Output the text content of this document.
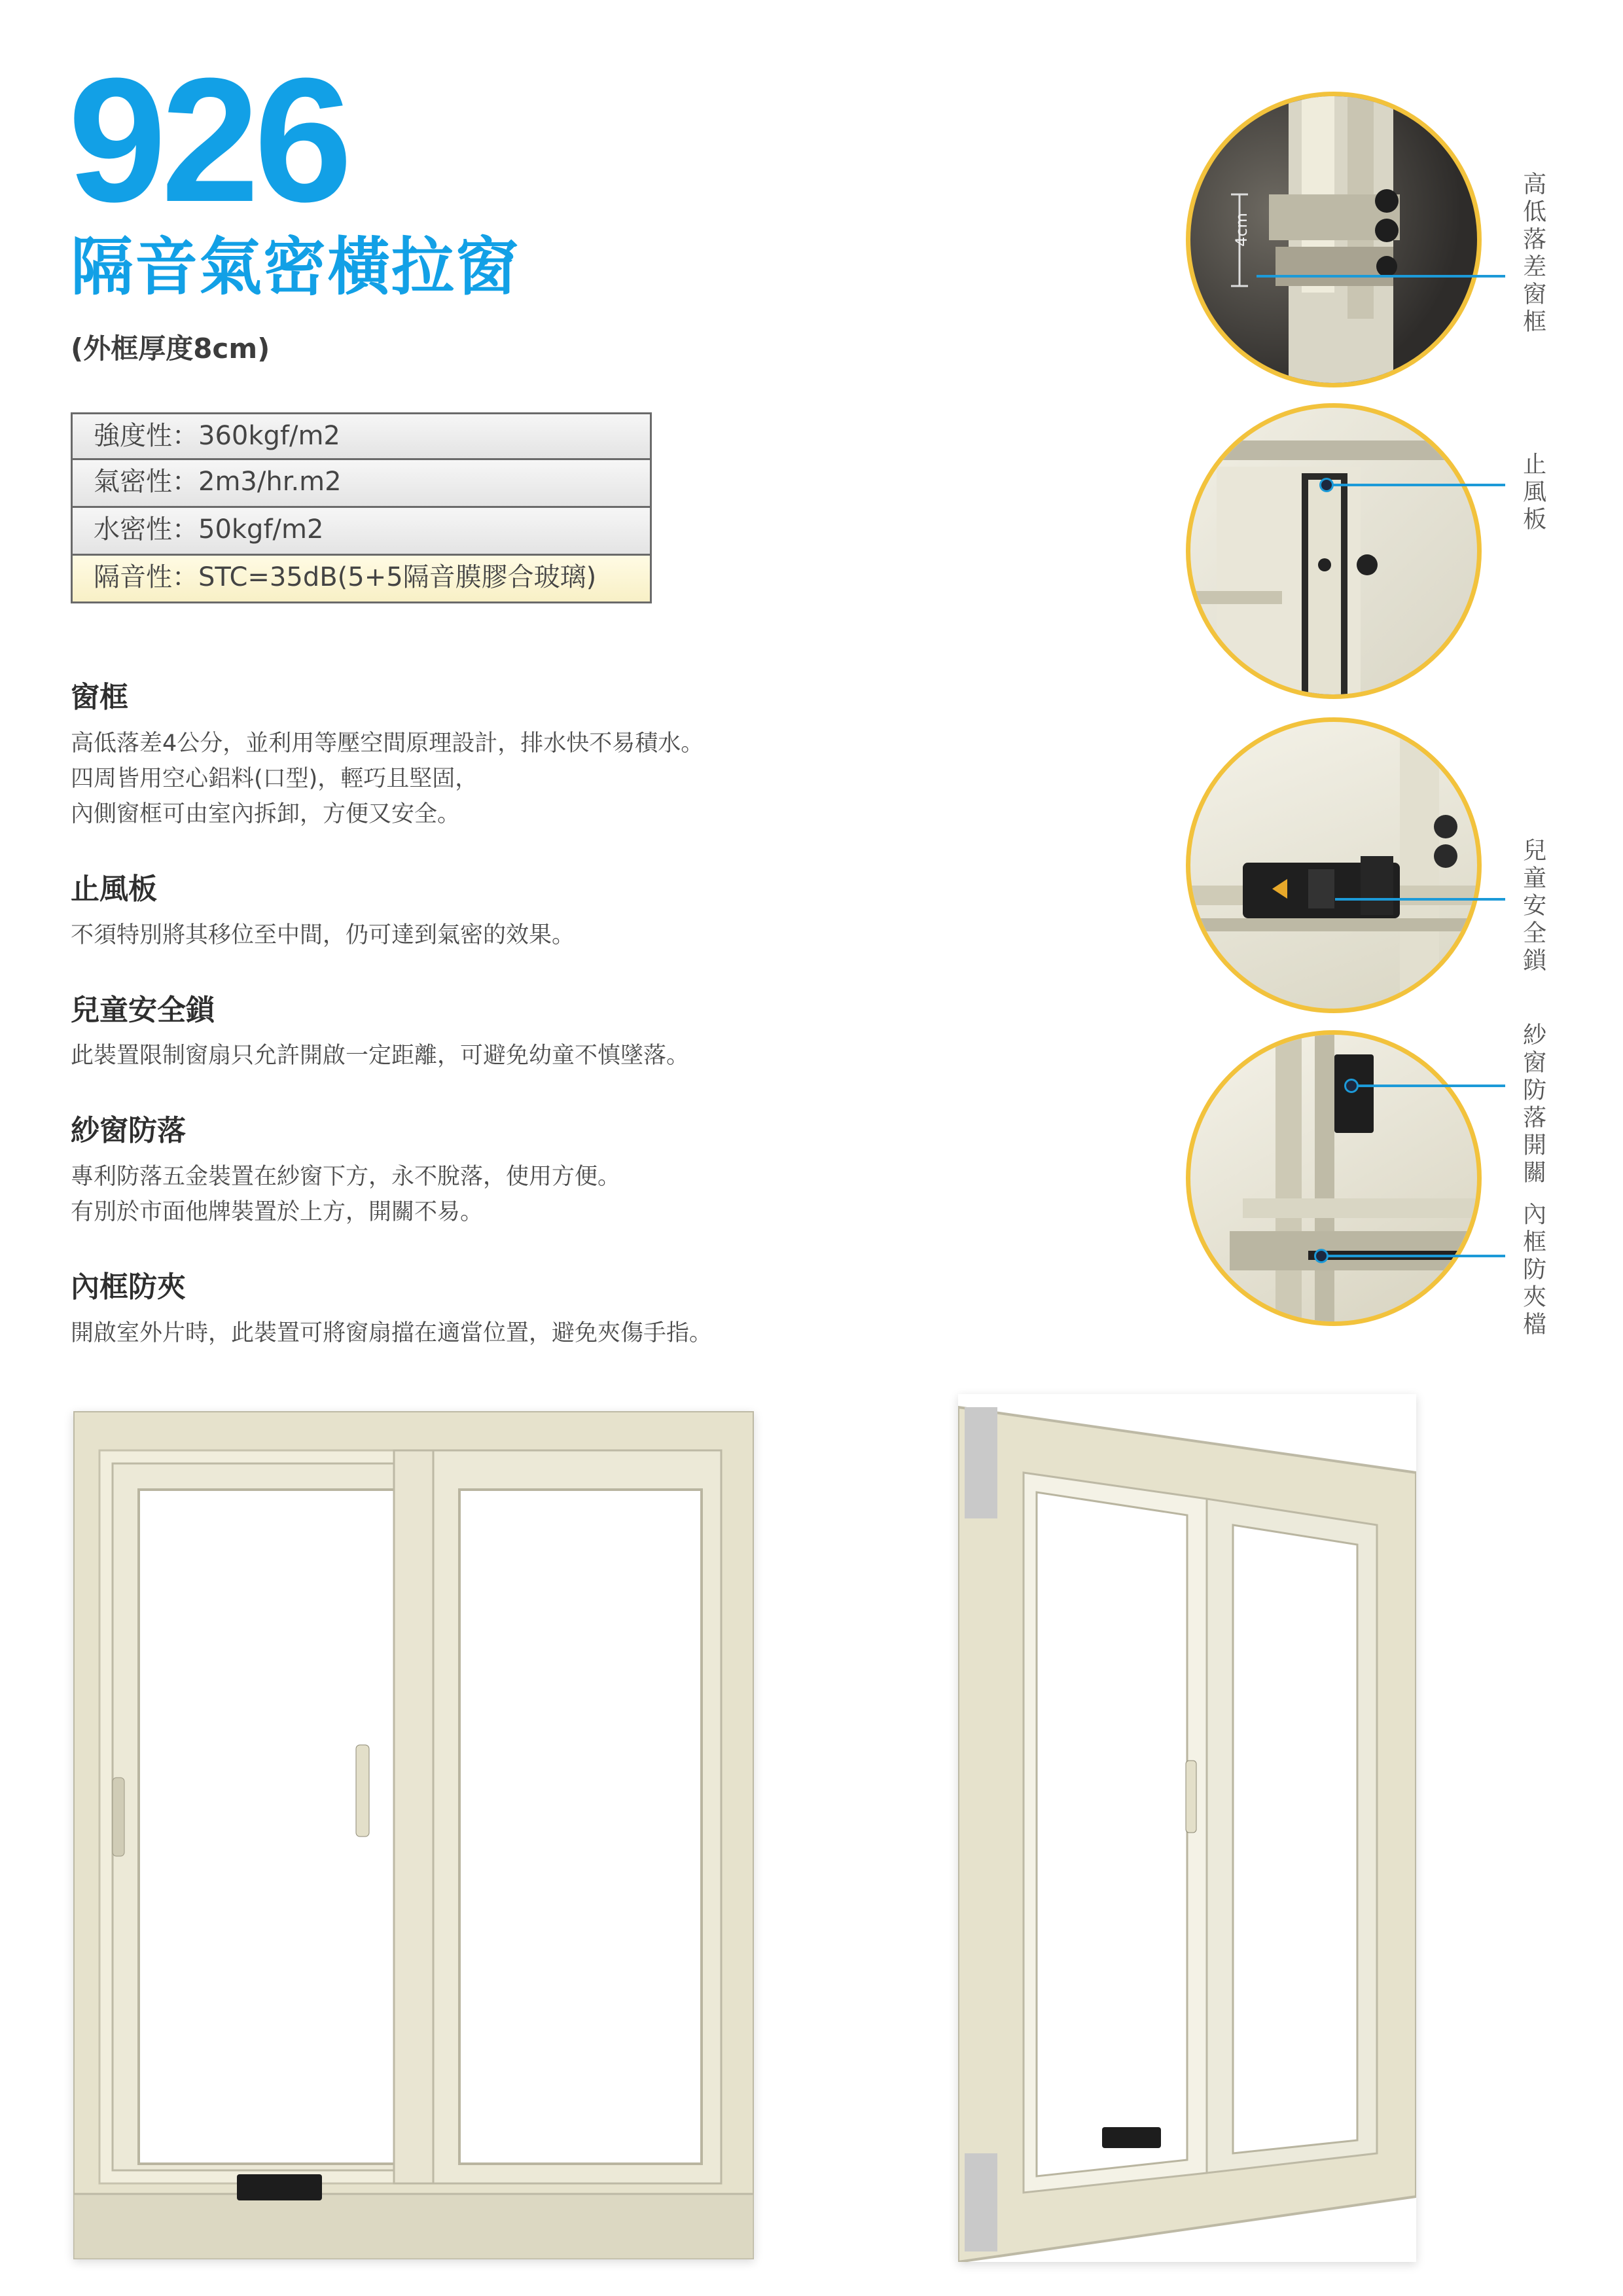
926
隔音氣密橫拉窗
(外框厚度8cm)
強度性：360kgf/m2
氣密性：2m3/hr.m2
水密性：50kgf/m2
隔音性：STC=35dB(5+5隔音膜膠合玻璃)
窗框

高低落差4公分，並利用等壓空間原理設計，排水快不易積水。

四周皆用空心鋁料(口型)，輕巧且堅固，

內側窗框可由室內拆卸，方便又安全。

止風板

不須特別將其移位至中間，仍可達到氣密的效果。

兒童安全鎖

此裝置限制窗扇只允許開啟一定距離，可避免幼童不慎墜落。

紗窗防落

專利防落五金裝置在紗窗下方，永不脫落，使用方便。

有別於市面他牌裝置於上方，開關不易。

內框防夾

開啟室外片時，此裝置可將窗扇擋在適當位置，避免夾傷手指。

4cm	高低落差窗框
止風板
兒童安全鎖
紗窗防落開關
內框防夾檔
